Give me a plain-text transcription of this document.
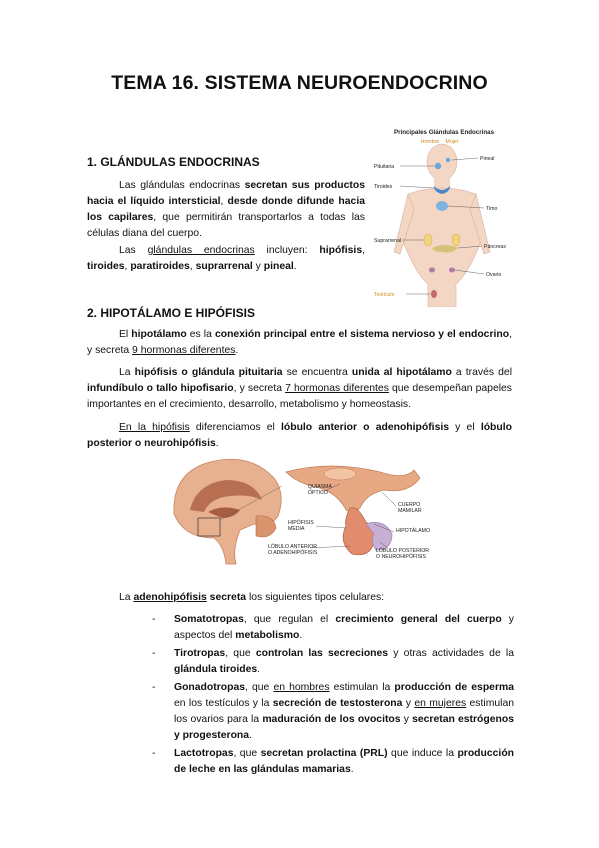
TEMA 16. SISTEMA NEUROENDOCRINO
1. GLÁNDULAS ENDOCRINAS
Las glándulas endocrinas secretan sus productos hacia el líquido intersticial, desde donde difunde hacia los capilares, que permitirán transportarlos a todas las células diana del cuerpo.
Las glándulas endocrinas incluyen: hipófisis, tiroides, paratiroides, suprarrenal y pineal.
Principales Glándulas Endocrinas
Hombre Mujer
Pituitaria
Pineal
Tiroides
Timo
Suprarrenal
Páncreas
Ovario
Testículo
2. HIPOTÁLAMO E HIPÓFISIS
El hipotálamo es la conexión principal entre el sistema nervioso y el endocrino, y secreta 9 hormonas diferentes.
La hipófisis o glándula pituitaria se encuentra unida al hipotálamo a través del infundíbulo o tallo hipofisario, y secreta 7 hormonas diferentes que desempeñan papeles importantes en el crecimiento, desarrollo, metabolismo y homeostasis.
En la hipófisis diferenciamos el lóbulo anterior o adenohipófisis y el lóbulo posterior o neurohipófisis.
QUIASMA
ÓPTICO
CUERPO
MAMILAR
HIPÓFISIS
MEDIA	HIPOTÁLAMO
LÓBULO ANTERIOR
O ADENOHIPÓFISIS	LÓBULO POSTERIOR
O NEUROHIPÓFISIS
La adenohipófisis secreta los siguientes tipos celulares:
- Somatotropas, que regulan el crecimiento general del cuerpo y aspectos del metabolismo.
- Tirotropas, que controlan las secreciones y otras actividades de la glándula tiroides.
- Gonadotropas, que en hombres estimulan la producción de esperma en los testículos y la secreción de testosterona y en mujeres estimulan los ovarios para la maduración de los ovocitos y secretan estrógenos y progesterona.
- Lactotropas, que secretan prolactina (PRL) que induce la producción de leche en las glándulas mamarias.
